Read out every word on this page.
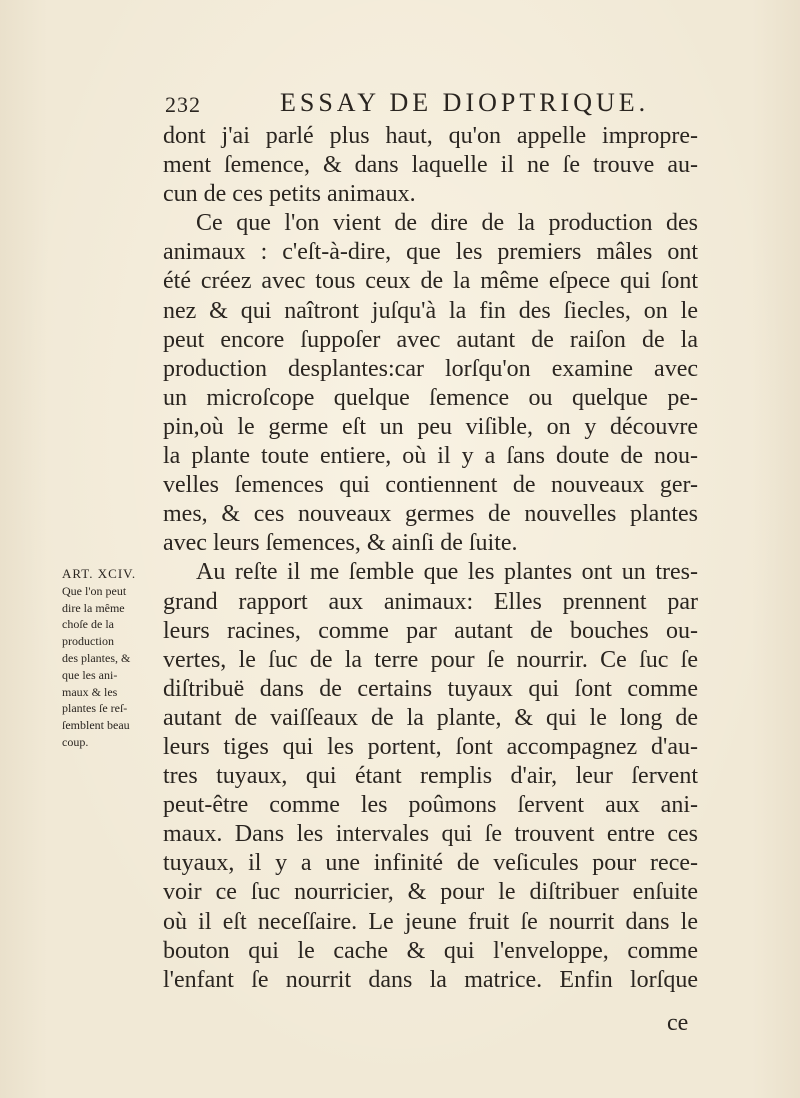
232	ESSAY DE DIOPTRIQUE.
dont j'ai parlé plus haut, qu'on appelle impropre-
ment ſemence, & dans laquelle il ne ſe trouve au-
cun de ces petits animaux.
Ce que l'on vient de dire de la production des
animaux : c'eſt-à-dire, que les premiers mâles ont
été créez avec tous ceux de la même eſpece qui ſont
nez & qui naîtront juſqu'à la fin des ſiecles, on le
peut encore ſuppoſer avec autant de raiſon de la
production desplantes:car lorſqu'on examine avec
un microſcope quelque ſemence ou quelque pe-
pin,où le germe eſt un peu viſible, on y découvre
la plante toute entiere, où il y a ſans doute de nou-
velles ſemences qui contiennent de nouveaux ger-
mes, & ces nouveaux germes de nouvelles plantes
avec leurs ſemences, & ainſi de ſuite.
Au reſte il me ſemble que les plantes ont un tres-
grand rapport aux animaux: Elles prennent par
leurs racines, comme par autant de bouches ou-
vertes, le ſuc de la terre pour ſe nourrir. Ce ſuc ſe
diſtribuë dans de certains tuyaux qui ſont comme
autant de vaiſſeaux de la plante, & qui le long de
leurs tiges qui les portent, ſont accompagnez d'au-
tres tuyaux, qui étant remplis d'air, leur ſervent
peut-être comme les poûmons ſervent aux ani-
maux. Dans les intervales qui ſe trouvent entre ces
tuyaux, il y a une infinité de veſicules pour rece-
voir ce ſuc nourricier, & pour le diſtribuer enſuite
où il eſt neceſſaire. Le jeune fruit ſe nourrit dans le
bouton qui le cache & qui l'enveloppe, comme
l'enfant ſe nourrit dans la matrice. Enfin lorſque
ART. XCIV.
Que l'on peut
dire la même
choſe de la
production
des plantes, &
que les ani-
maux & les
plantes ſe reſ-
ſemblent beau
coup.
ce
